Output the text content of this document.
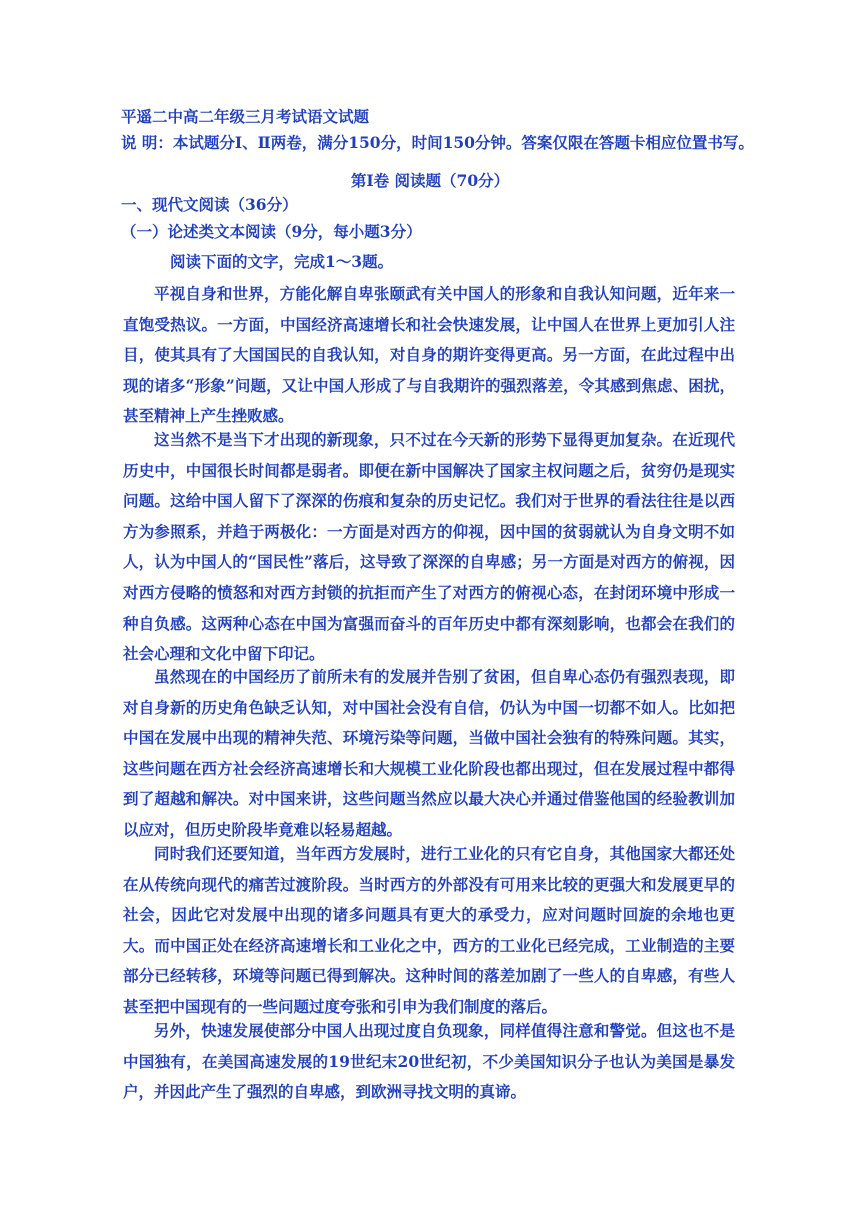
平遥二中高二年级三月考试语文试题
说 明：本试题分Ⅰ、Ⅱ两卷，满分150分，时间150分钟。答案仅限在答题卡相应位置书写。
第Ⅰ卷 阅读题（70分）
一、现代文阅读（36分）
（一）论述类文本阅读（9分，每小题3分）
阅读下面的文字，完成1～3题。

平视自身和世界，方能化解自卑张颐武有关中国人的形象和自我认知问题，近年来一直饱受热议。一方面，中国经济高速增长和社会快速发展，让中国人在世界上更加引人注目，使其具有了大国国民的自我认知，对自身的期许变得更高。另一方面，在此过程中出现的诸多“形象”问题，又让中国人形成了与自我期许的强烈落差，令其感到焦虑、困扰，甚至精神上产生挫败感。

这当然不是当下才出现的新现象，只不过在今天新的形势下显得更加复杂。在近现代历史中，中国很长时间都是弱者。即便在新中国解决了国家主权问题之后，贫穷仍是现实问题。这给中国人留下了深深的伤痕和复杂的历史记忆。我们对于世界的看法往往是以西方为参照系，并趋于两极化：一方面是对西方的仰视，因中国的贫弱就认为自身文明不如人，认为中国人的“国民性”落后，这导致了深深的自卑感；另一方面是对西方的俯视，因对西方侵略的愤怒和对西方封锁的抗拒而产生了对西方的俯视心态，在封闭环境中形成一种自负感。这两种心态在中国为富强而奋斗的百年历史中都有深刻影响，也都会在我们的社会心理和文化中留下印记。

虽然现在的中国经历了前所未有的发展并告别了贫困，但自卑心态仍有强烈表现，即对自身新的历史角色缺乏认知，对中国社会没有自信，仍认为中国一切都不如人。比如把中国在发展中出现的精神失范、环境污染等问题，当做中国社会独有的特殊问题。其实，这些问题在西方社会经济高速增长和大规模工业化阶段也都出现过，但在发展过程中都得到了超越和解决。对中国来讲，这些问题当然应以最大决心并通过借鉴他国的经验教训加以应对，但历史阶段毕竟难以轻易超越。

同时我们还要知道，当年西方发展时，进行工业化的只有它自身，其他国家大都还处在从传统向现代的痛苦过渡阶段。当时西方的外部没有可用来比较的更强大和发展更早的社会，因此它对发展中出现的诸多问题具有更大的承受力，应对问题时回旋的余地也更大。而中国正处在经济高速增长和工业化之中，西方的工业化已经完成，工业制造的主要部分已经转移，环境等问题已得到解决。这种时间的落差加剧了一些人的自卑感，有些人甚至把中国现有的一些问题过度夸张和引申为我们制度的落后。

另外，快速发展使部分中国人出现过度自负现象，同样值得注意和警觉。但这也不是中国独有，在美国高速发展的19世纪末20世纪初，不少美国知识分子也认为美国是暴发户，并因此产生了强烈的自卑感，到欧洲寻找文明的真谛。
